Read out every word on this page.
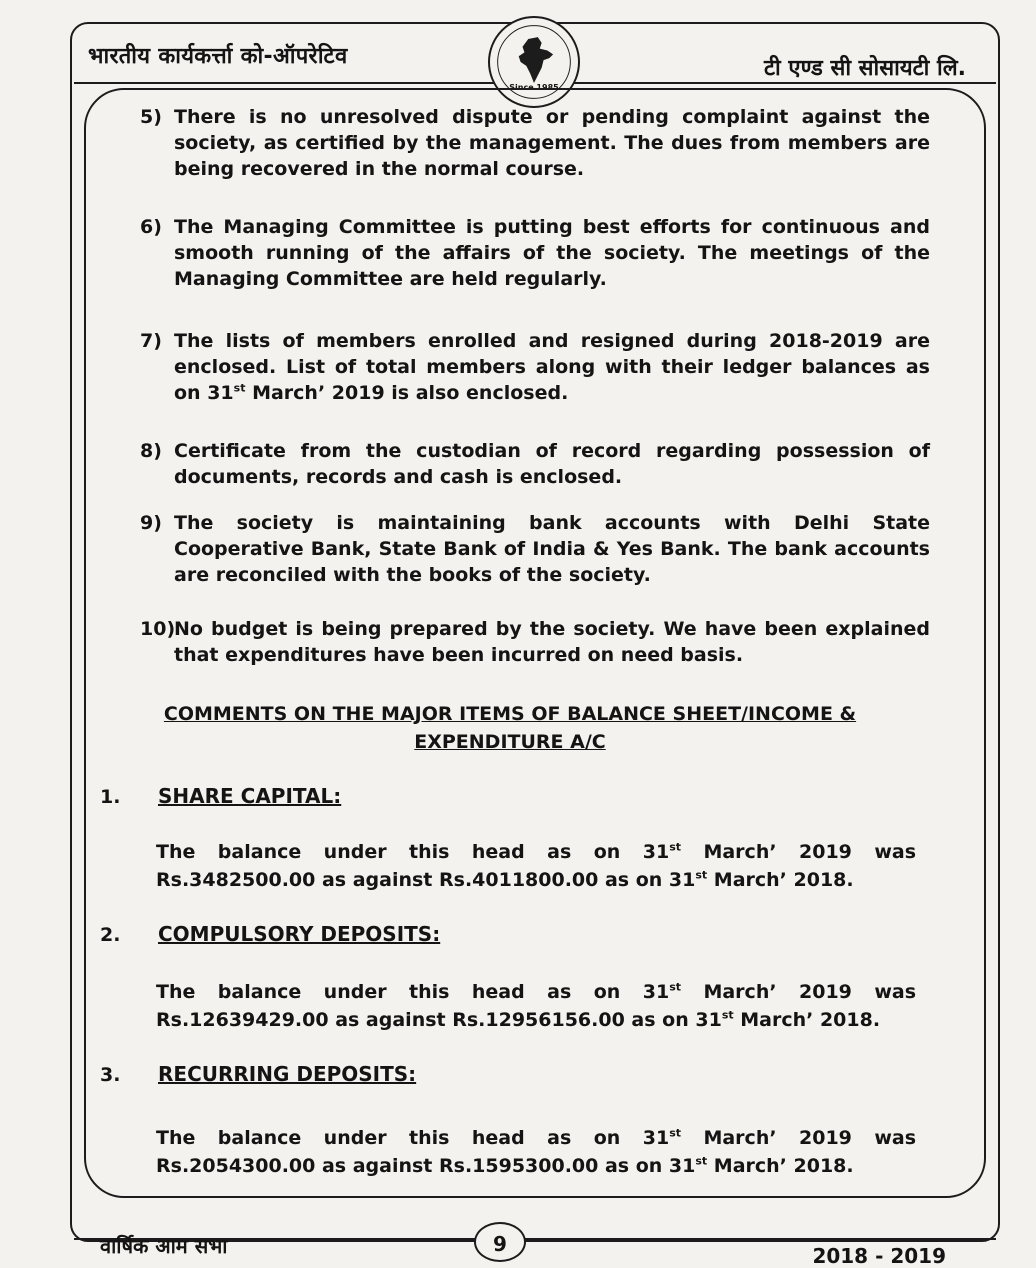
भारतीय कार्यकर्त्ता को-ऑपरेटिव	टी एण्ड सी सोसायटी लि.
Since 1985
5) There is no unresolved dispute or pending complaint against the society, as certified by the management. The dues from members are being recovered in the normal course.
6) The Managing Committee is putting best efforts for continuous and smooth running of the affairs of the society. The meetings of the Managing Committee are held regularly.
7) The lists of members enrolled and resigned during 2018-2019 are enclosed. List of total members along with their ledger balances as on 31st March’ 2019 is also enclosed.
8) Certificate from the custodian of record regarding possession of documents, records and cash is enclosed.
9) The society is maintaining bank accounts with Delhi State Cooperative Bank, State Bank of India & Yes Bank. The bank accounts are reconciled with the books of the society.
10)
No budget is being prepared by the society. We have been explained that expenditures have been incurred on need basis.
COMMENTS ON THE MAJOR ITEMS OF BALANCE SHEET/INCOME & EXPENDITURE A/C
1. SHARE CAPITAL:
The balance under this head as on 31st March’ 2019 was Rs.3482500.00 as against Rs.4011800.00 as on 31st March’ 2018.
2. COMPULSORY DEPOSITS:
The balance under this head as on 31st March’ 2019 was Rs.12639429.00 as against Rs.12956156.00 as on 31st March’ 2018.
3. RECURRING DEPOSITS:
The balance under this head as on 31st March’ 2019 was Rs.2054300.00 as against Rs.1595300.00 as on 31st March’ 2018.
वार्षिक आम सभा	9	2018 - 2019
